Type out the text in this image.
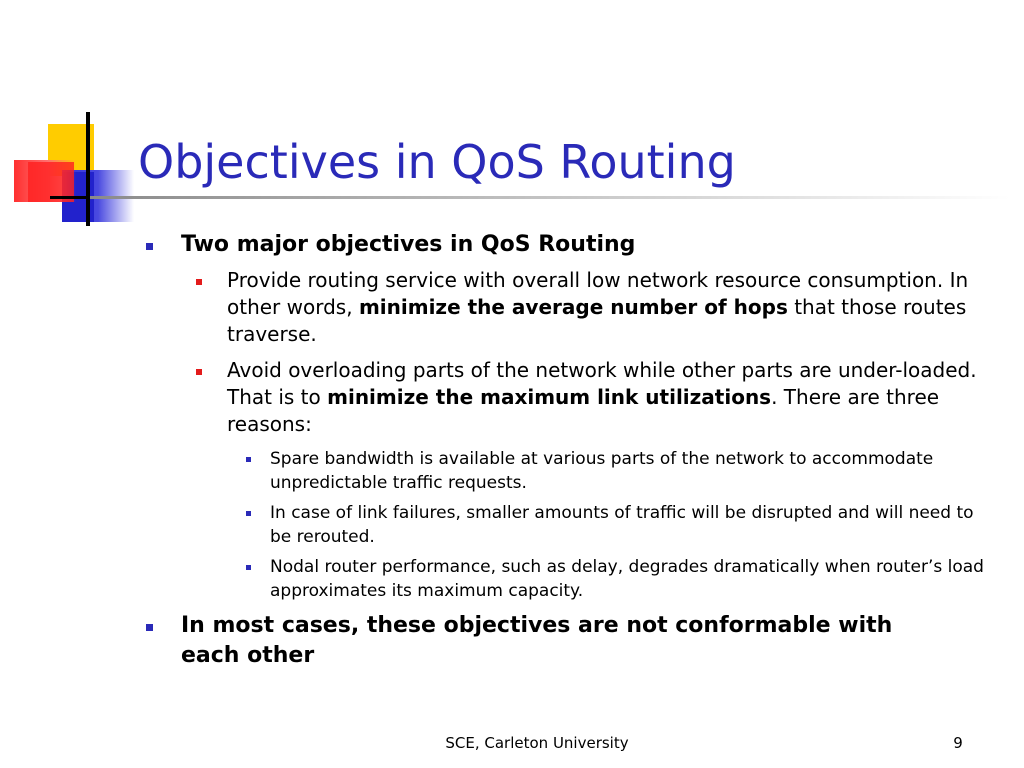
Objectives in QoS Routing
Two major objectives in QoS Routing
Provide routing service with overall low network resource consumption. In other words, minimize the average number of hops that those routes traverse.
Avoid overloading parts of the network while other parts are under-loaded. That is to minimize the maximum link utilizations. There are three reasons:
Spare bandwidth is available at various parts of the network to accommodate unpredictable traffic requests.
In case of link failures, smaller amounts of traffic will be disrupted and will need to be rerouted.
Nodal router performance, such as delay, degrades dramatically when router’s load approximates its maximum capacity.
In most cases, these objectives are not conformable with each other
SCE, Carleton University	9
